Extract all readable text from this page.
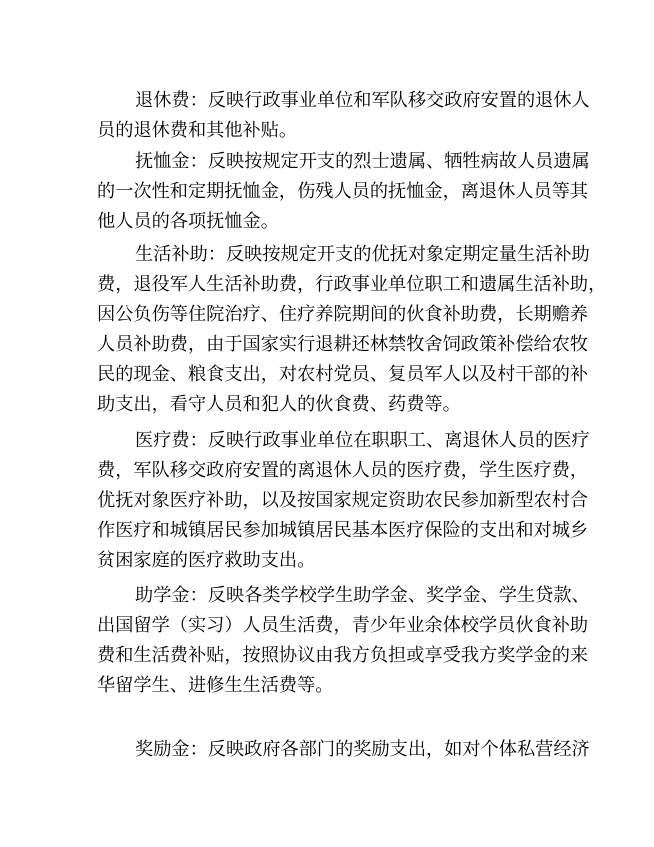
退休费：反映行政事业单位和军队移交政府安置的退休人
员的退休费和其他补贴。
抚恤金：反映按规定开支的烈士遗属、牺牲病故人员遗属
的一次性和定期抚恤金，伤残人员的抚恤金，离退休人员等其
他人员的各项抚恤金。
生活补助：反映按规定开支的优抚对象定期定量生活补助
费，退役军人生活补助费，行政事业单位职工和遗属生活补助，
因公负伤等住院治疗、住疗养院期间的伙食补助费，长期赡养
人员补助费，由于国家实行退耕还林禁牧舍饲政策补偿给农牧
民的现金、粮食支出，对农村党员、复员军人以及村干部的补
助支出，看守人员和犯人的伙食费、药费等。
医疗费：反映行政事业单位在职职工、离退休人员的医疗
费，军队移交政府安置的离退休人员的医疗费，学生医疗费，
优抚对象医疗补助，以及按国家规定资助农民参加新型农村合
作医疗和城镇居民参加城镇居民基本医疗保险的支出和对城乡
贫困家庭的医疗救助支出。
助学金：反映各类学校学生助学金、奖学金、学生贷款、
出国留学（实习）人员生活费，青少年业余体校学员伙食补助
费和生活费补贴，按照协议由我方负担或享受我方奖学金的来
华留学生、进修生生活费等。
奖励金：反映政府各部门的奖励支出，如对个体私营经济
